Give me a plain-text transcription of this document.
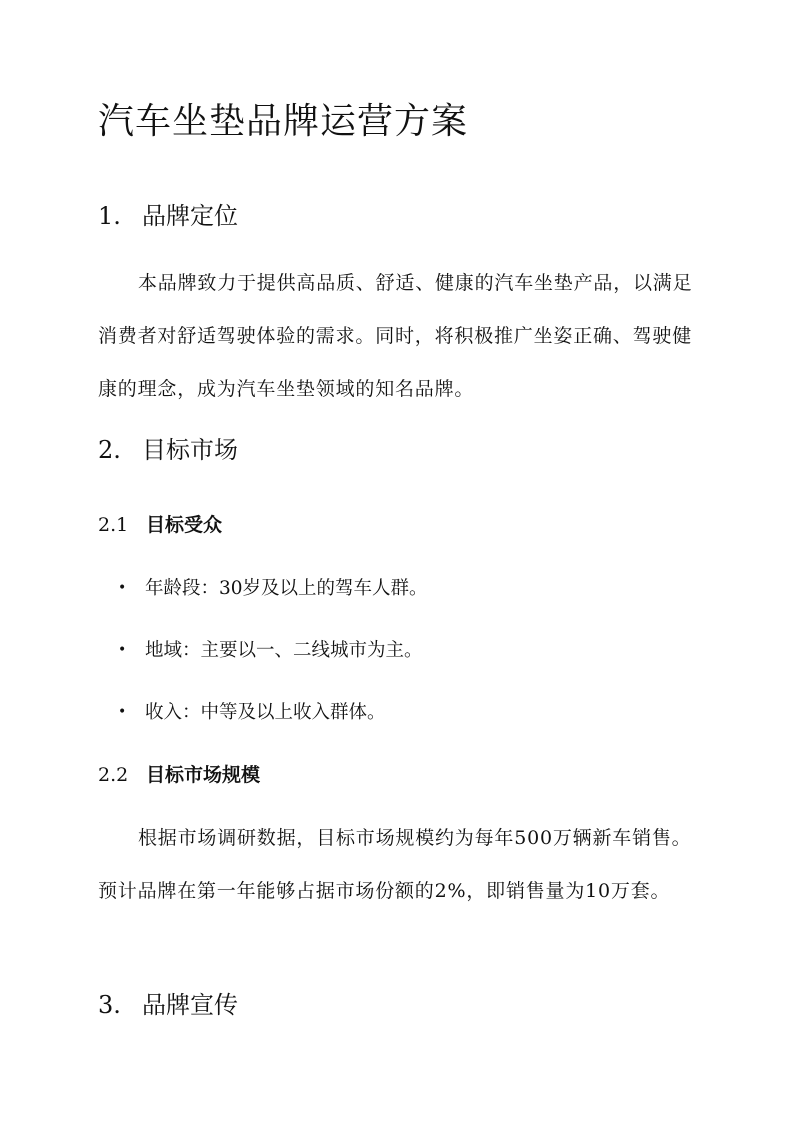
汽车坐垫品牌运营方案
1. 品牌定位
本品牌致力于提供高品质、舒适、健康的汽车坐垫产品，以满足消费者对舒适驾驶体验的需求。同时，将积极推广坐姿正确、驾驶健康的理念，成为汽车坐垫领域的知名品牌。
2. 目标市场
2.1 目标受众
• 年龄段：30岁及以上的驾车人群。
• 地域：主要以一、二线城市为主。
• 收入：中等及以上收入群体。
2.2 目标市场规模
根据市场调研数据，目标市场规模约为每年500万辆新车销售。预计品牌在第一年能够占据市场份额的2%，即销售量为10万套。
3. 品牌宣传
